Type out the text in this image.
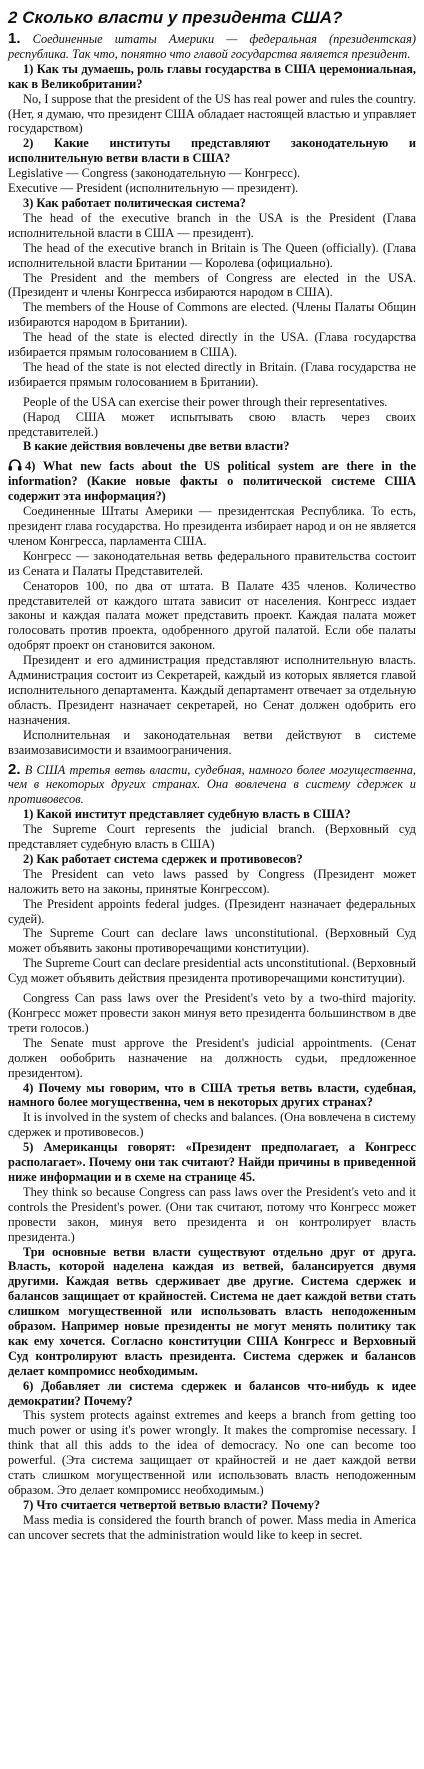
2 Сколько власти у президента США?

1. Соединенные штаты Америки — федеральная (президентская) республика. Так что, понятно что главой государства является президент.

1) Как ты думаешь, роль главы государства в США церемониальная, как в Великобритании?

No, I suppose that the president of the US has real power and rules the country. (Нет, я думаю, что президент США обладает настоящей властью и управляет государством)

2) Какие институты представляют законодательную и исполнительную ветви власти в США?

Legislative — Congress (законодательную — Конгресс).

Executive — President (исполнительную — президент).

3) Как работает политическая система?

The head of the executive branch in the USA is the President (Глава исполнительной власти в США — президент).

The head of the executive branch in Britain is The Queen (officially). (Глава исполнительной власти Британии — Королева (официально).

The President and the members of Congress are elected in the USA. (Президент и члены Конгресса избираются народом в США).

The members of the House of Commons are elected. (Члены Палаты Общин избираются народом в Британии).

The head of the state is elected directly in the USA. (Глава государства избирается прямым голосованием в США).

The head of the state is not elected directly in Britain. (Глава государства не избирается прямым голосованием в Британии).

People of the USA can exercise their power through their representatives.

(Народ США может испытывать свою власть через своих представителей.)

В какие действия вовлечены две ветви власти?

4) What new facts about the US political system are there in the information? (Какие новые факты о политической системе США содержит эта информация?)

Соединенные Штаты Америки — президентская Республика. То есть, президент глава государства. Но президента избирает народ и он не является членом Конгресса, парламента США.

Конгресс — законодательная ветвь федерального правительства состоит из Сената и Палаты Представителей.

Сенаторов 100, по два от штата. В Палате 435 членов. Количество представителей от каждого штата зависит от населения. Конгресс издает законы и каждая палата может представить проект. Каждая палата может голосовать против проекта, одобренного другой палатой. Если обе палаты одобрят проект он становится законом.

Президент и его администрация представляют исполнительную власть. Администрация состоит из Секретарей, каждый из которых является главой исполнительного департамента. Каждый департамент отвечает за отдельную область. Президент назначает секретарей, но Сенат должен одобрить его назначения.

Исполнительная и законодательная ветви действуют в системе взаимозависимости и взаимоограничения.

2. В США третья ветвь власти, судебная, намного более могущественна, чем в некоторых других странах. Она вовлечена в систему сдержек и противовесов.

1) Какой институт представляет судебную власть в США?

The Supreme Court represents the judicial branch. (Верховный суд представляет судебную власть в США)

2) Как работает система сдержек и противовесов?

The President can veto laws passed by Congress (Президент может наложить вето на законы, принятые Конгрессом).

The President appoints federal judges. (Президент назначает федеральных судей).

The Supreme Court can declare laws unconstitutional. (Верховный Суд может объявить законы противоречащими конституции).

The Supreme Court can declare presidential acts unconstitutional. (Верховный Суд может объявить действия президента противоречащими конституции).

Congress Can pass laws over the President's veto by a two-third majority. (Конгресс может провести закон минуя вето президента большинством в две трети голосов.)

The Senate must approve the President's judicial appointments. (Сенат должен ообобрить назначение на должность судьи, предложенное президентом).

4) Почему мы говорим, что в США третья ветвь власти, судебная, намного более могущественна, чем в некоторых других странах?

It is involved in the system of checks and balances. (Она вовлечена в систему сдержек и противовесов.)

5) Американцы говорят: «Президент предполагает, а Конгресс располагает». Почему они так считают? Найди причины в приведенной ниже информации и в схеме на странице 45.

They think so because Congress can pass laws over the President's veto and it controls the President's power. (Они так считают, потому что Конгресс может провести закон, минуя вето президента и он контролирует власть президента.)

Три основные ветви власти существуют отдельно друг от друга. Власть, которой наделена каждая из ветвей, балансируется двумя другими. Каждая ветвь сдерживает две другие. Система сдержек и балансов защищает от крайностей. Система не дает каждой ветви стать слишком могущественной или использовать власть неподоженным образом. Например новые президенты не могут менять политику так как ему хочется. Согласно конституции США Конгресс и Верховный Суд контролируют власть президента. Система сдержек и балансов делает компромисс необходимым.

6) Добавляет ли система сдержек и балансов что-нибудь к идее демократии? Почему?

This system protects against extremes and keeps a branch from getting too much power or using it's power wrongly. It makes the compromise necessary. I think that all this adds to the idea of democracy. No one can become too powerful. (Эта система защищает от крайностей и не дает каждой ветви стать слишком могущественной или использовать власть неподоженным образом. Это делает компромисс необходимым.)

7) Что считается четвертой ветвью власти? Почему?

Mass media is considered the fourth branch of power. Mass media in America can uncover secrets that the administration would like to keep in secret.
